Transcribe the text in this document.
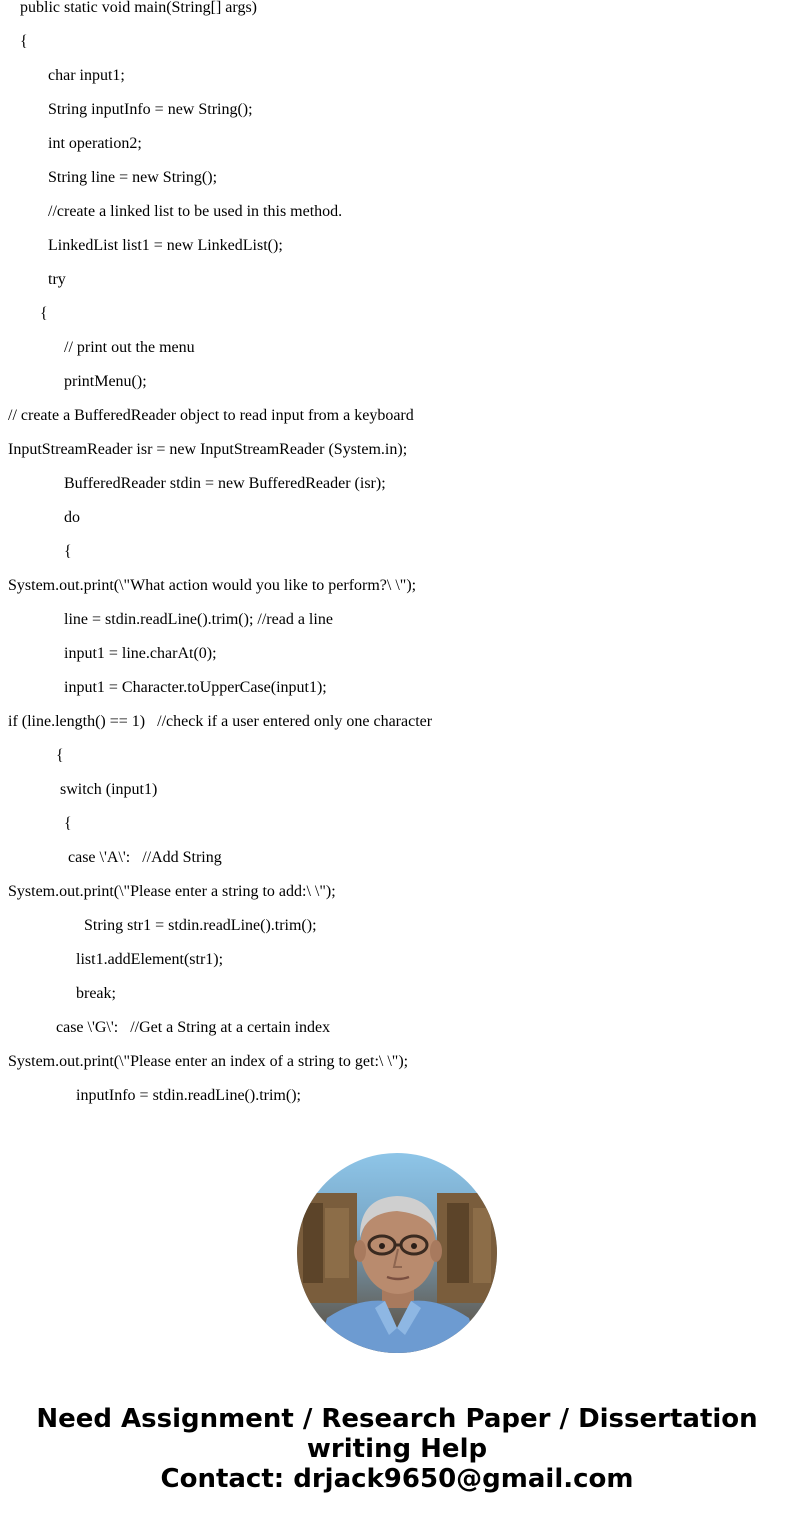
public static void main(String[] args)
{
char input1;
String inputInfo = new String();
int operation2;
String line = new String();
//create a linked list to be used in this method.
LinkedList list1 = new LinkedList();
try
{
// print out the menu
printMenu();
// create a BufferedReader object to read input from a keyboard
InputStreamReader isr = new InputStreamReader (System.in);
BufferedReader stdin = new BufferedReader (isr);
do
{
System.out.print(\"What action would you like to perform?\ \");
line = stdin.readLine().trim(); //read a line
input1 = line.charAt(0);
input1 = Character.toUpperCase(input1);
if (line.length() == 1)   //check if a user entered only one character
{
switch (input1)
{
case \'A\':   //Add String
System.out.print(\"Please enter a string to add:\ \");
String str1 = stdin.readLine().trim();
list1.addElement(str1);
break;
case \'G\':   //Get a String at a certain index
System.out.print(\"Please enter an index of a string to get:\ \");
inputInfo = stdin.readLine().trim();
Need Assignment / Research Paper / Dissertation
writing Help
Contact: drjack9650@gmail.com
